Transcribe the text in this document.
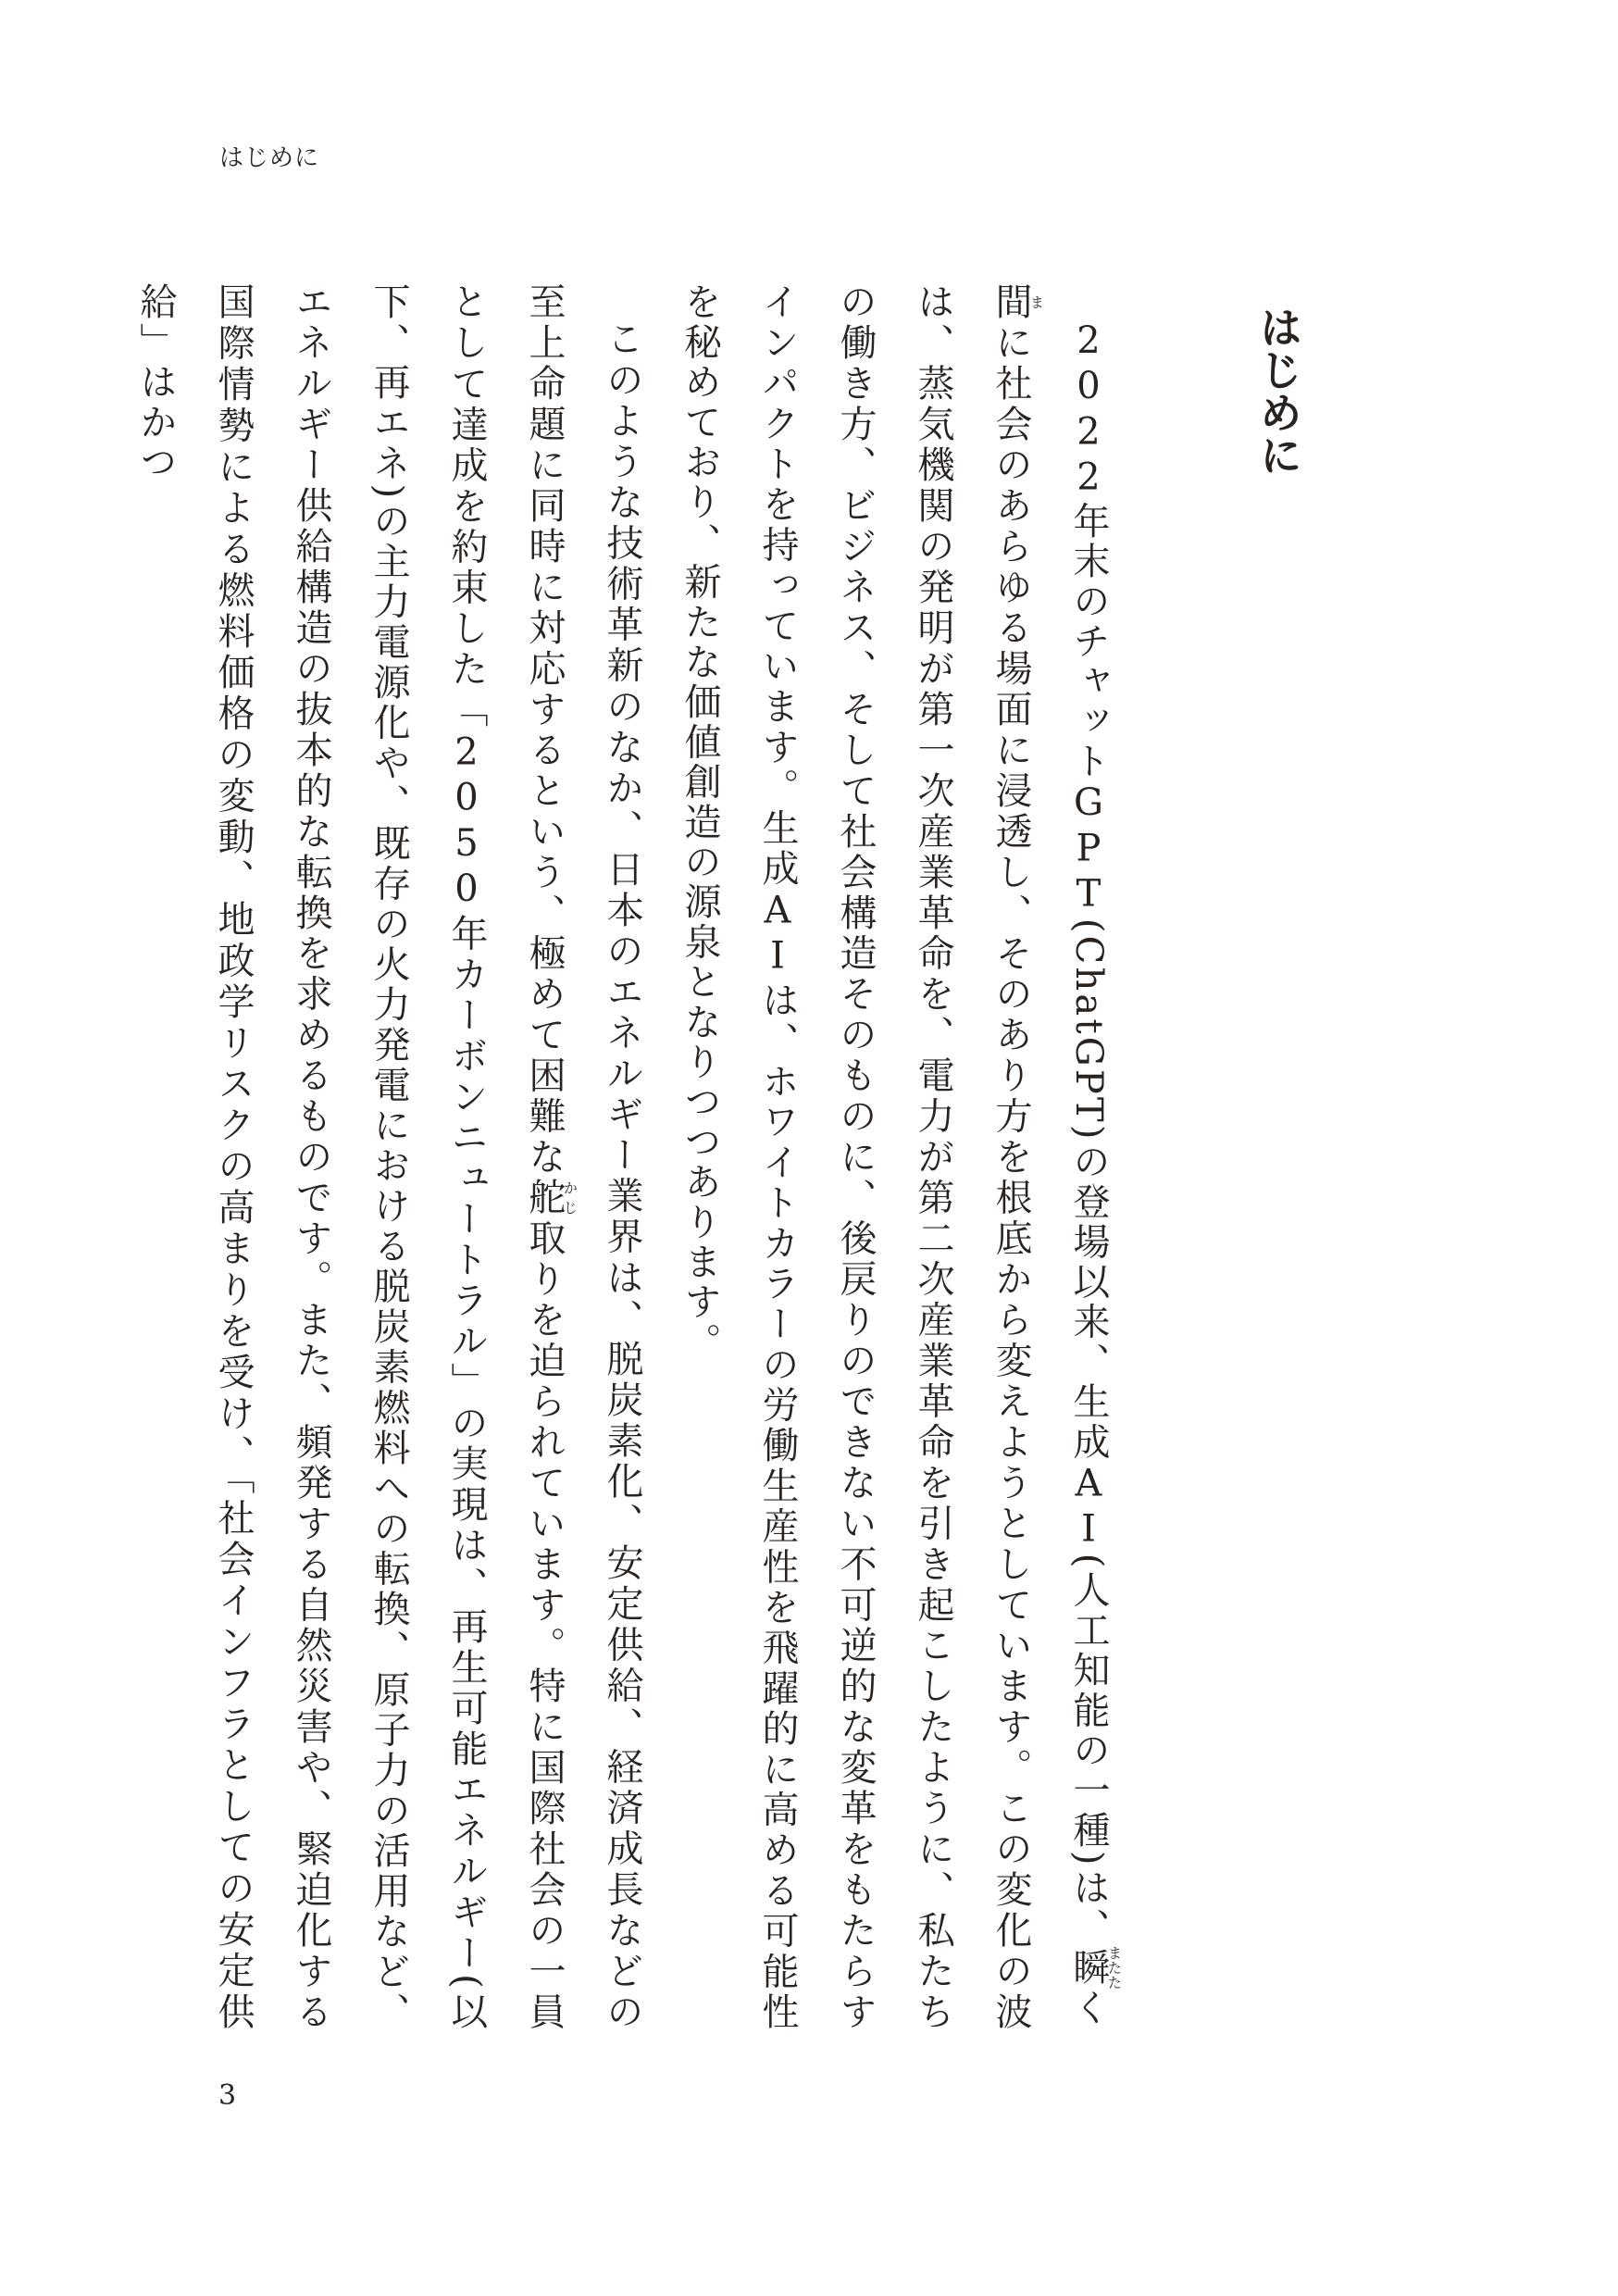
はじめに
はじめに

2022年末のチャットGPT(ChatGPT)の登場以来、生成AI(人工知能の一種)は、瞬またたく間まに社会のあらゆる場面に浸透し、そのあり方を根底から変えようとしています。この変化の波は、蒸気機関の発明が第一次産業革命を、電力が第二次産業革命を引き起こしたように、私たちの働き方、ビジネス、そして社会構造そのものに、後戻りのできない不可逆的な変革をもたらすインパクトを持っています。生成AIは、ホワイトカラーの労働生産性を飛躍的に高める可能性を秘めており、新たな価値創造の源泉となりつつあります。

このような技術革新のなか、日本のエネルギー業界は、脱炭素化、安定供給、経済成長などの至上命題に同時に対応するという、極めて困難な舵かじ取りを迫られています。特に国際社会の一員として達成を約束した「2050年カーボンニュートラル」の実現は、再生可能エネルギー(以下、再エネ)の主力電源化や、既存の火力発電における脱炭素燃料への転換、原子力の活用など、エネルギー供給構造の抜本的な転換を求めるものです。また、頻発する自然災害や、緊迫化する国際情勢による燃料価格の変動、地政学リスクの高まりを受け、「社会インフラとしての安定供給」はかつ

3
